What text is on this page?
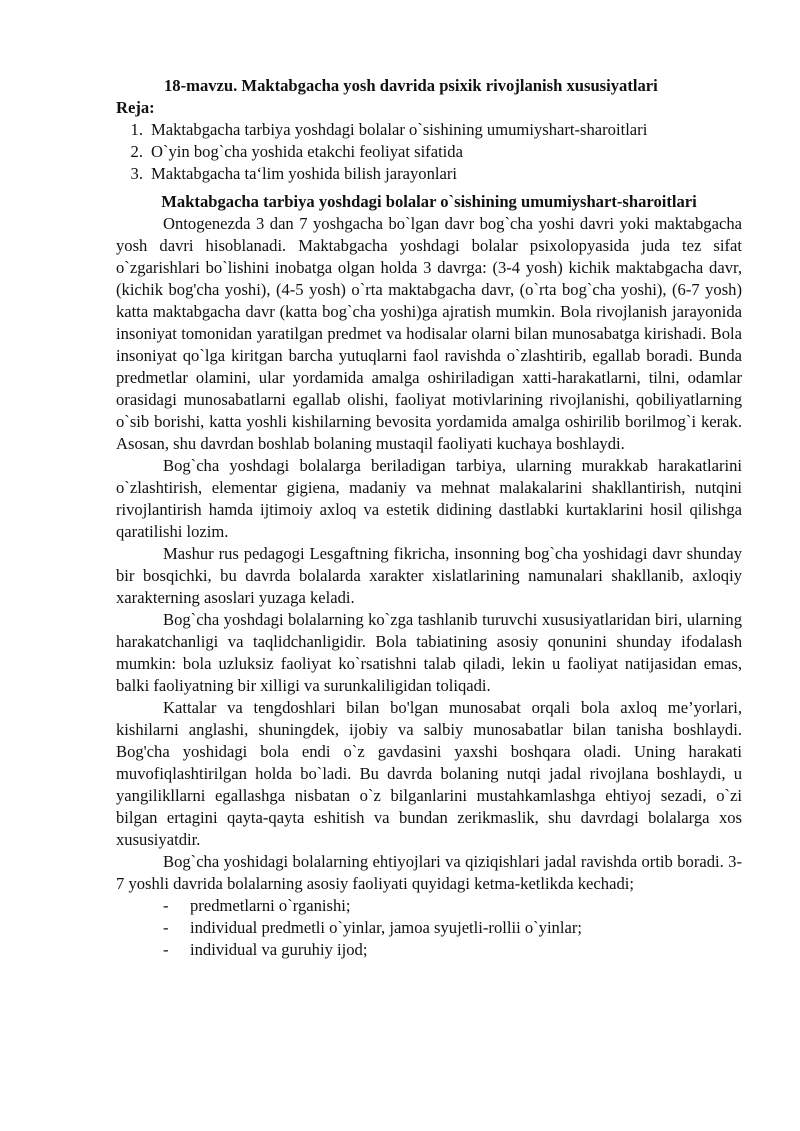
18-mavzu. Maktabgacha yosh davrida psixik rivojlanish xususiyatlari

Reja:

1. Maktabgacha tarbiya yoshdagi bolalar o`sishining umumiyshart-sharoitlari
2. O`yin bog`cha yoshida etakchi feoliyat sifatida
3. Maktabgacha ta‘lim yoshida bilish jarayonlari

Maktabgacha tarbiya yoshdagi bolalar o`sishining umumiyshart-sharoitlari

Ontogenezda 3 dan 7 yoshgacha bo`lgan davr bog`cha yoshi davri yoki maktabgacha yosh davri hisoblanadi. Maktabgacha yoshdagi bolalar psixolopyasida juda tez sifat o`zgarishlari bo`lishini inobatga olgan holda 3 davrga: (3-4 yosh) kichik maktabgacha davr, (kichik bog'cha yoshi), (4-5 yosh) o`rta maktabgacha davr, (o`rta bog`cha yoshi), (6-7 yosh) katta maktabgacha davr (katta bog`cha yoshi)ga ajratish mumkin. Bola rivojlanish jarayonida insoniyat tomonidan yaratilgan predmet va hodisalar olarni bilan munosabatga kirishadi. Bola insoniyat qo`lga kiritgan barcha yutuqlarni faol ravishda o`zlashtirib, egallab boradi. Bunda predmetlar olamini, ular yordamida amalga oshiriladigan xatti-harakatlarni, tilni, odamlar orasidagi munosabatlarni egallab olishi, faoliyat motivlarining rivojlanishi, qobiliyatlarning o`sib borishi, katta yoshli kishilarning bevosita yordamida amalga oshirilib borilmog`i kerak. Asosan, shu davrdan boshlab bolaning mustaqil faoliyati kuchaya boshlaydi.

Bog`cha yoshdagi bolalarga beriladigan tarbiya, ularning murakkab harakatlarini o`zlashtirish, elementar gigiena, madaniy va mehnat malakalarini shakllantirish, nutqini rivojlantirish hamda ijtimoiy axloq va estetik didining dastlabki kurtaklarini hosil qilishga qaratilishi lozim.

Mashur rus pedagogi Lesgaftning fikricha, insonning bog`cha yoshidagi davr shunday bir bosqichki, bu davrda bolalarda xarakter xislatlarining namunalari shakllanib, axloqiy xarakterning asoslari yuzaga keladi.

Bog`cha yoshdagi bolalarning ko`zga tashlanib turuvchi xususiyatlaridan biri, ularning harakatchanligi va taqlidchanligidir. Bola tabiatining asosiy qonunini shunday ifodalash mumkin: bola uzluksiz faoliyat ko`rsatishni talab qiladi, lekin u faoliyat natijasidan emas, balki faoliyatning bir xilligi va surunkaliligidan toliqadi.

Kattalar va tengdoshlari bilan bo'lgan munosabat orqali bola axloq me’yorlari, kishilarni anglashi, shuningdek, ijobiy va salbiy munosabatlar bilan tanisha boshlaydi. Bog'cha yoshidagi bola endi o`z gavdasini yaxshi boshqara oladi. Uning harakati muvofiqlashtirilgan holda bo`ladi. Bu davrda bolaning nutqi jadal rivojlana boshlaydi, u yangilikllarni egallashga nisbatan o`z bilganlarini mustahkamlashga ehtiyoj sezadi, o`zi bilgan ertagini qayta-qayta eshitish va bundan zerikmaslik, shu davrdagi bolalarga xos xususiyatdir.

Bog`cha yoshidagi bolalarning ehtiyojlari va qiziqishlari jadal ravishda ortib boradi. 3-7 yoshli davrida bolalarning asosiy faoliyati quyidagi ketma-ketlikda kechadi;

-	predmetlarni o`rganishi;
-	individual predmetli o`yinlar, jamoa syujetli-rollii o`yinlar;
-	individual va guruhiy ijod;
